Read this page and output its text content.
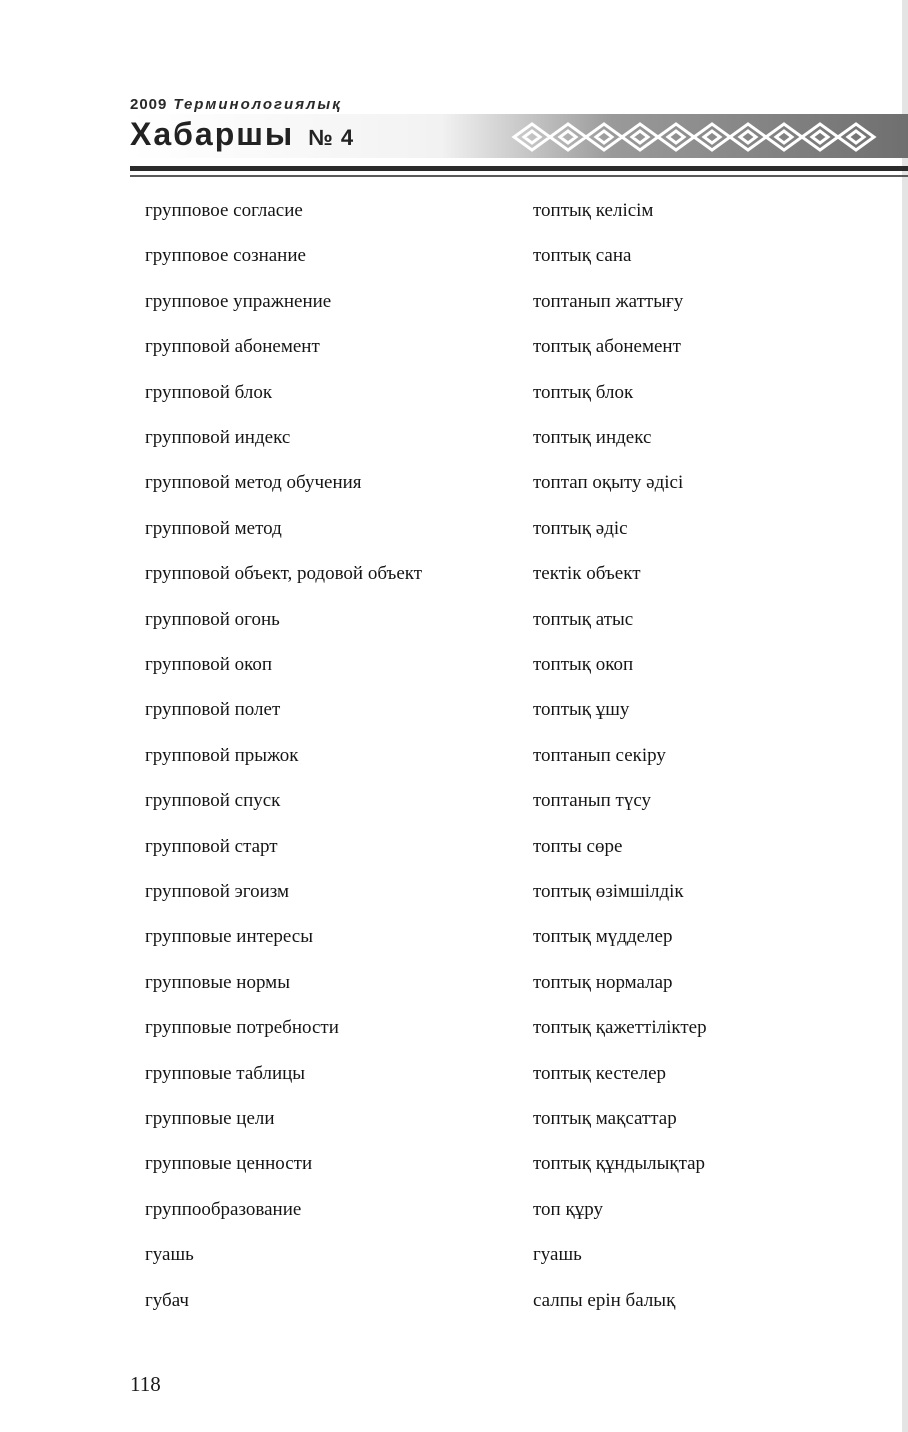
2009 Терминологиялық
Хабаршы № 4
групповое согласие	топтық келісім
групповое сознание	топтық сана
групповое упражнение	топтанып жаттығу
групповой абонемент	топтық абонемент
групповой блок	топтық блок
групповой индекс	топтық индекс
групповой метод обучения	топтап оқыту әдісі
групповой метод	топтық әдіс
групповой объект, родовой объект	тектік объект
групповой огонь	топтық атыс
групповой окоп	топтық окоп
групповой полет	топтық ұшу
групповой прыжок	топтанып секіру
групповой спуск	топтанып түсу
групповой старт	топты сөре
групповой эгоизм	топтық өзімшілдік
групповые интересы	топтық мүдделер
групповые нормы	топтық нормалар
групповые потребности	топтық қажеттіліктер
групповые таблицы	топтық кестелер
групповые цели	топтық мақсаттар
групповые ценности	топтық құндылықтар
группообразование	топ құру
гуашь	гуашь
губач	салпы ерін балық
118
